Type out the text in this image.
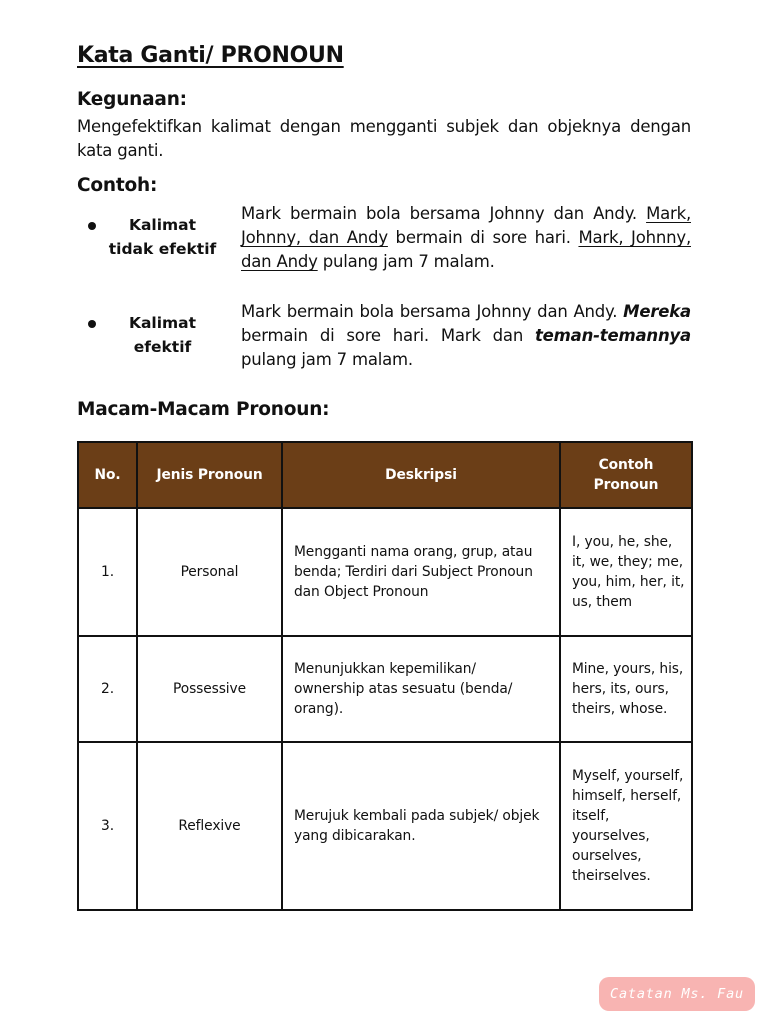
Kata Ganti/ PRONOUN
Kegunaan:

Mengefektifkan kalimat dengan mengganti subjek dan objeknya dengan kata ganti.

Contoh:
Kalimat
tidak efektif

Mark bermain bola bersama Johnny dan Andy. Mark, Johnny, dan Andy bermain di sore hari. Mark, Johnny, dan Andy pulang jam 7 malam.

Kalimat
efektif

Mark bermain bola bersama Johnny dan Andy. Mereka bermain di sore hari. Mark dan teman-temannya pulang jam 7 malam.

Macam-Macam Pronoun:
No.	Jenis Pronoun	Deskripsi	Contoh Pronoun
1.	Personal	Mengganti nama orang, grup, atau benda; Terdiri dari Subject Pronoun dan Object Pronoun	I, you, he, she, it, we, they; me, you, him, her, it, us, them
2.	Possessive	Menunjukkan kepemilikan/ ownership atas sesuatu (benda/ orang).	Mine, yours, his, hers, its, ours, theirs, whose.
3.	Reflexive	Merujuk kembali pada subjek/ objek yang dibicarakan.	Myself, yourself, himself, herself, itself, yourselves, ourselves, theirselves.
Catatan Ms. Fau
